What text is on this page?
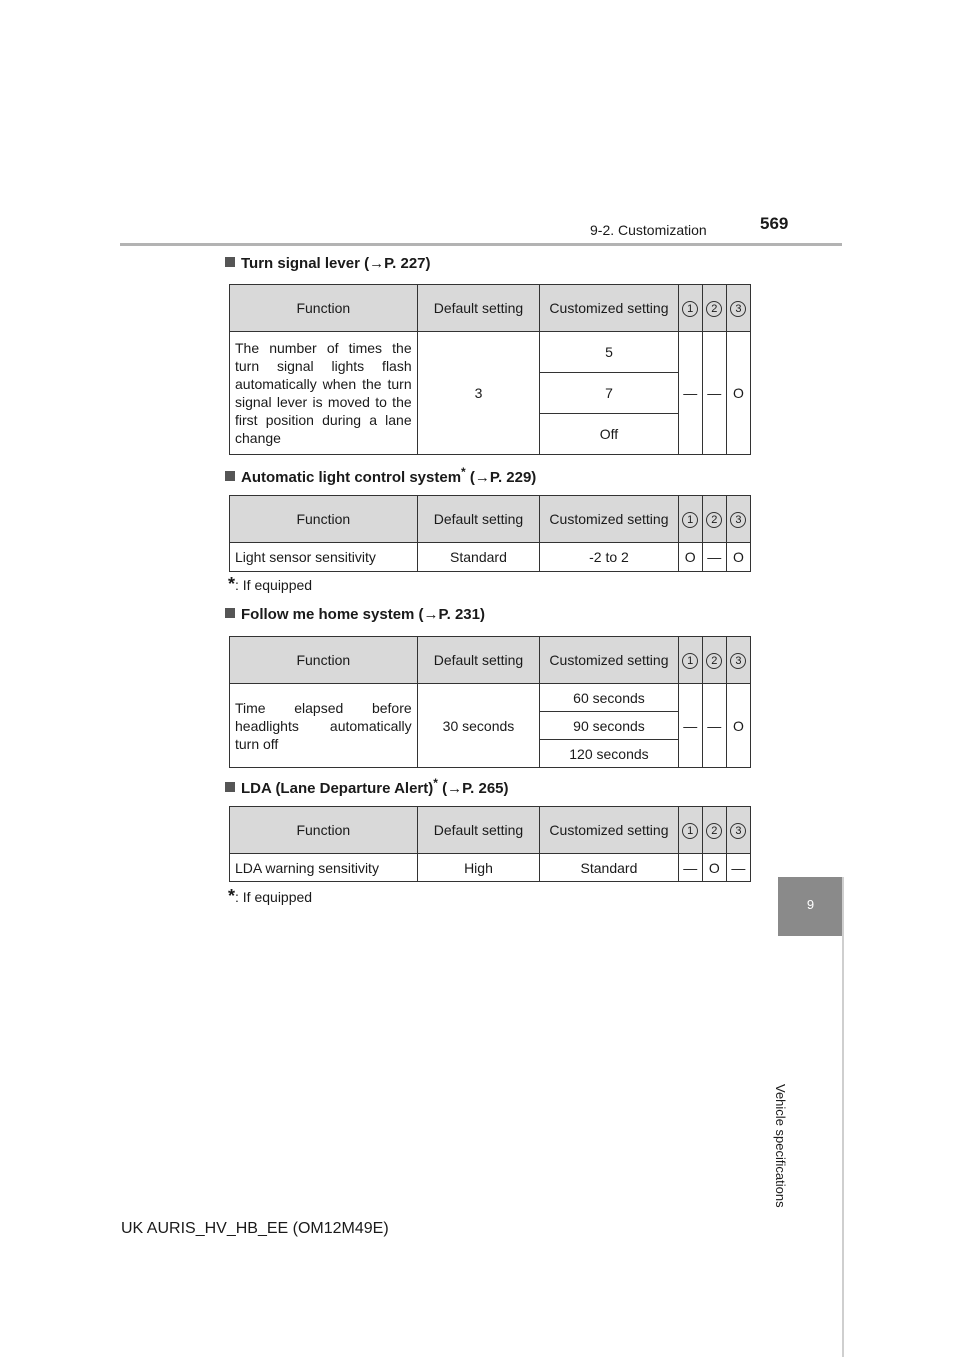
9-2. Customization	569
9
Vehicle specifications
Turn signal lever (→P. 227)
Function	Default setting	Customized setting	1	2	3
The number of times the turn signal lights flash automatically when the turn signal lever is moved to the first position during a lane change	3	5	—	—	O
		7			
		Off			
Automatic light control system* (→P. 229)
Function	Default setting	Customized setting	1	2	3
Light sensor sensitivity	Standard	-2 to 2	O	—	O
*: If equipped
Follow me home system (→P. 231)
Function	Default setting	Customized setting	1	2	3
Time elapsed before headlights automatically turn off	30 seconds	60 seconds	—	—	O
		90 seconds			
		120 seconds			
LDA (Lane Departure Alert)* (→P. 265)
Function	Default setting	Customized setting	1	2	3
LDA warning sensitivity	High	Standard	—	O	—
*: If equipped
UK AURIS_HV_HB_EE (OM12M49E)
